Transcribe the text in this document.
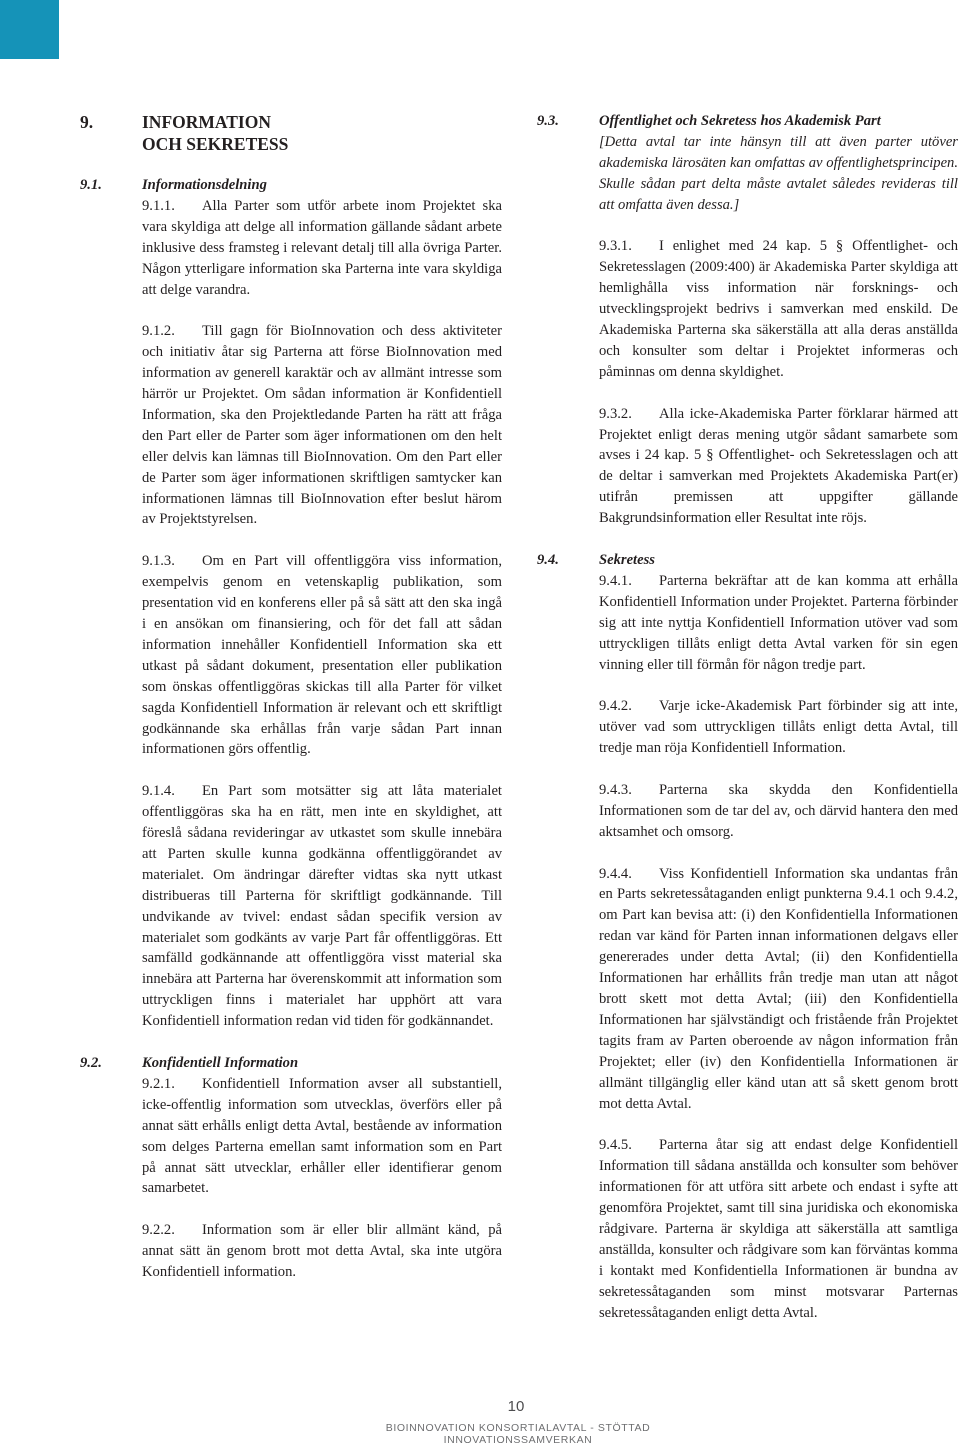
9.	INFORMATION
OCH SEKRETESS
9.1.	Informationsdelning

9.1.1. Alla Parter som utför arbete inom Projektet ska vara skyldiga att delge all information gällande sådant arbete inklusive dess framsteg i relevant detalj till alla övriga Parter. Någon ytterligare information ska Parterna inte vara skyldiga att delge varandra.

9.1.2. Till gagn för BioInnovation och dess aktiviteter och initiativ åtar sig Parterna att förse BioInnovation med information av generell karaktär och av allmänt intresse som härrör ur Projektet. Om sådan information är Konfidentiell Information, ska den Projektledande Parten ha rätt att fråga den Part eller de Parter som äger informationen om den helt eller delvis kan lämnas till BioInnovation. Om den Part eller de Parter som äger informationen skriftligen samtycker kan informationen lämnas till BioInnovation efter beslut härom av Projektstyrelsen.

9.1.3. Om en Part vill offentliggöra viss information, exempelvis genom en vetenskaplig publikation, som presentation vid en konferens eller på så sätt att den ska ingå i en ansökan om finansiering, och för det fall att sådan information innehåller Konfidentiell Information ska ett utkast på sådant dokument, presentation eller publikation som önskas offentliggöras skickas till alla Parter för vilket sagda Konfidentiell Information är relevant och ett skriftligt godkännande ska erhållas från varje sådan Part innan informationen görs offentlig.

9.1.4. En Part som motsätter sig att låta materialet offentliggöras ska ha en rätt, men inte en skyldighet, att föreslå sådana revideringar av utkastet som skulle innebära att Parten skulle kunna godkänna offentliggörandet av materialet. Om ändringar därefter vidtas ska nytt utkast distribueras till Parterna för skriftligt godkännande. Till undvikande av tvivel: endast sådan specifik version av materialet som godkänts av varje Part får offentliggöras. Ett samfälld godkännande att offentliggöra visst material ska innebära att Parterna har överenskommit att information som uttryckligen finns i materialet har upphört att vara Konfidentiell information redan vid tiden för godkännandet.

9.2.	Konfidentiell Information

9.2.1. Konfidentiell Information avser all substantiell, icke-offentlig information som utvecklas, överförs eller på annat sätt erhålls enligt detta Avtal, bestående av information som delges Parterna emellan samt information som en Part på annat sätt utvecklar, erhåller eller identifierar genom samarbetet.

9.2.2. Information som är eller blir allmänt känd, på annat sätt än genom brott mot detta Avtal, ska inte utgöra Konfidentiell information.

9.3.	Offentlighet och Sekretess hos Akademisk Part

[Detta avtal tar inte hänsyn till att även parter utöver akademiska lärosäten kan omfattas av offentlighetsprincipen. Skulle sådan part delta måste avtalet således revideras till att omfatta även dessa.]

9.3.1. I enlighet med 24 kap. 5 § Offentlighet- och Sekretesslagen (2009:400) är Akademiska Parter skyldiga att hemlighålla viss information när forsknings- och utvecklingsprojekt bedrivs i samverkan med enskild. De Akademiska Parterna ska säkerställa att alla deras anställda och konsulter som deltar i Projektet informeras och påminnas om denna skyldighet.

9.3.2. Alla icke-Akademiska Parter förklarar härmed att Projektet enligt deras mening utgör sådant samarbete som avses i 24 kap. 5 § Offentlighet- och Sekretesslagen och att de deltar i samverkan med Projektets Akademiska Part(er) utifrån premissen att uppgifter gällande Bakgrundsinformation eller Resultat inte röjs.

9.4.	Sekretess

9.4.1. Parterna bekräftar att de kan komma att erhålla Konfidentiell Information under Projektet. Parterna förbinder sig att inte nyttja Konfidentiell Information utöver vad som uttryckligen tillåts enligt detta Avtal varken för sin egen vinning eller till förmån för någon tredje part.

9.4.2. Varje icke-Akademisk Part förbinder sig att inte, utöver vad som uttryckligen tillåts enligt detta Avtal, till tredje man röja Konfidentiell Information.

9.4.3. Parterna ska skydda den Konfidentiella Informationen som de tar del av, och därvid hantera den med aktsamhet och omsorg.

9.4.4. Viss Konfidentiell Information ska undantas från en Parts sekretessåtaganden enligt punkterna 9.4.1 och 9.4.2, om Part kan bevisa att: (i) den Konfidentiella Informationen redan var känd för Parten innan informationen delgavs eller genererades under detta Avtal; (ii) den Konfidentiella Informationen har erhållits från tredje man utan att något brott skett mot detta Avtal; (iii) den Konfidentiella Informationen har självständigt och fristående från Projektet tagits fram av Parten oberoende av någon information från Projektet; eller (iv) den Konfidentiella Informationen är allmänt tillgänglig eller känd utan att så skett genom brott mot detta Avtal.

9.4.5. Parterna åtar sig att endast delge Konfidentiell Information till sådana anställda och konsulter som behöver informationen för att utföra sitt arbete och endast i syfte att genomföra Projektet, samt till sina juridiska och ekonomiska rådgivare. Parterna är skyldiga att säkerställa att samtliga anställda, konsulter och rådgivare som kan förväntas komma i kontakt med Konfidentiella Informationen är bundna av sekretessåtaganden som minst motsvarar Parternas sekretessåtaganden enligt detta Avtal.

10
BIOINNOVATION KONSORTIALAVTAL - STÖTTAD INNOVATIONSSAMVERKAN
